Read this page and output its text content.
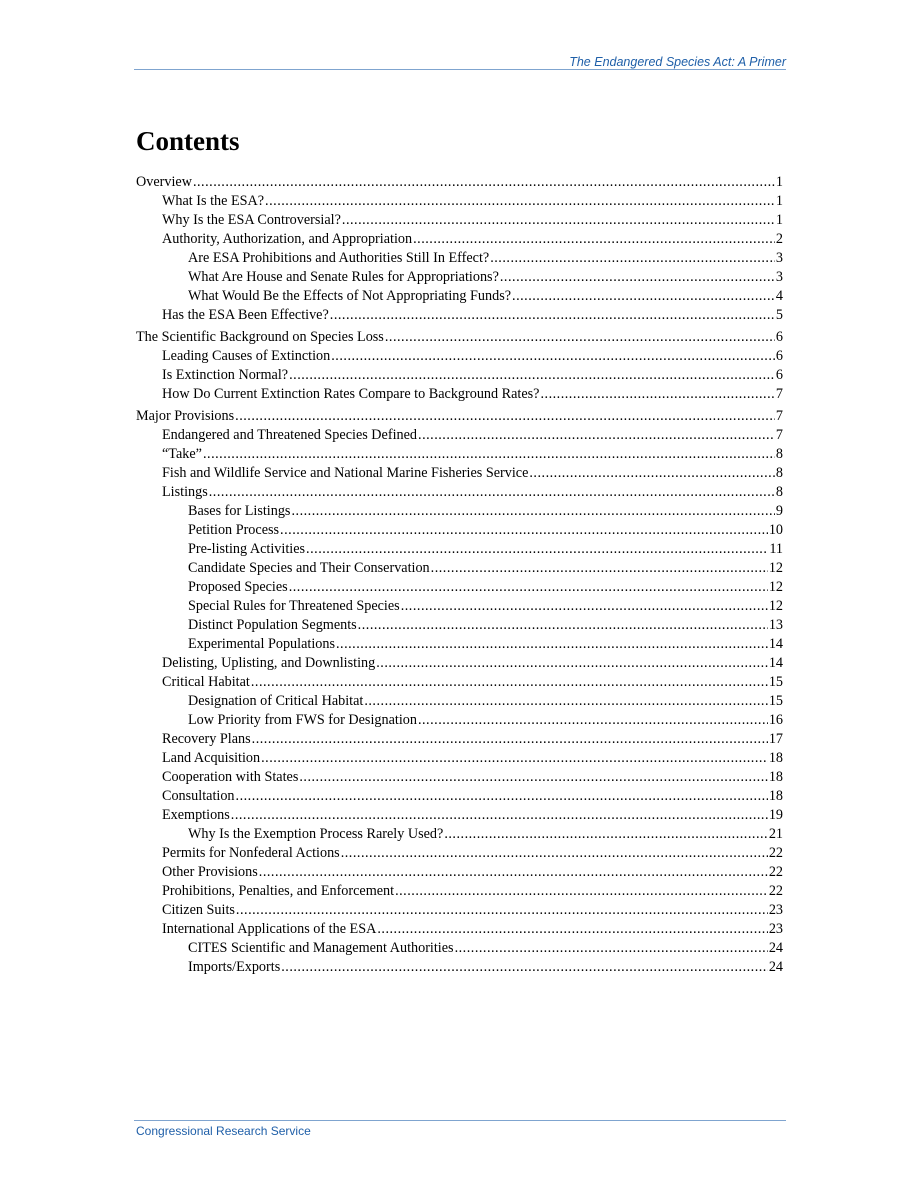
The Endangered Species Act: A Primer
Contents
Overview .....	1
What Is the ESA? .....	1
Why Is the ESA Controversial? .....	1
Authority, Authorization, and Appropriation .....	2
Are ESA Prohibitions and Authorities Still In Effect? .....	3
What Are House and Senate Rules for Appropriations? .....	3
What Would Be the Effects of Not Appropriating Funds? .....	4
Has the ESA Been Effective? .....	5
The Scientific Background on Species Loss .....	6
Leading Causes of Extinction .....	6
Is Extinction Normal? .....	6
How Do Current Extinction Rates Compare to Background Rates? .....	7
Major Provisions .....	7
Endangered and Threatened Species Defined .....	7
“Take” .....	8
Fish and Wildlife Service and National Marine Fisheries Service .....	8
Listings .....	8
Bases for Listings .....	9
Petition Process .....	10
Pre-listing Activities .....	11
Candidate Species and Their Conservation .....	12
Proposed Species .....	12
Special Rules for Threatened Species .....	12
Distinct Population Segments .....	13
Experimental Populations .....	14
Delisting, Uplisting, and Downlisting .....	14
Critical Habitat .....	15
Designation of Critical Habitat .....	15
Low Priority from FWS for Designation .....	16
Recovery Plans .....	17
Land Acquisition .....	18
Cooperation with States .....	18
Consultation .....	18
Exemptions .....	19
Why Is the Exemption Process Rarely Used? .....	21
Permits for Nonfederal Actions .....	22
Other Provisions .....	22
Prohibitions, Penalties, and Enforcement .....	22
Citizen Suits .....	23
International Applications of the ESA .....	23
CITES Scientific and Management Authorities .....	24
Imports/Exports .....	24
Congressional Research Service
